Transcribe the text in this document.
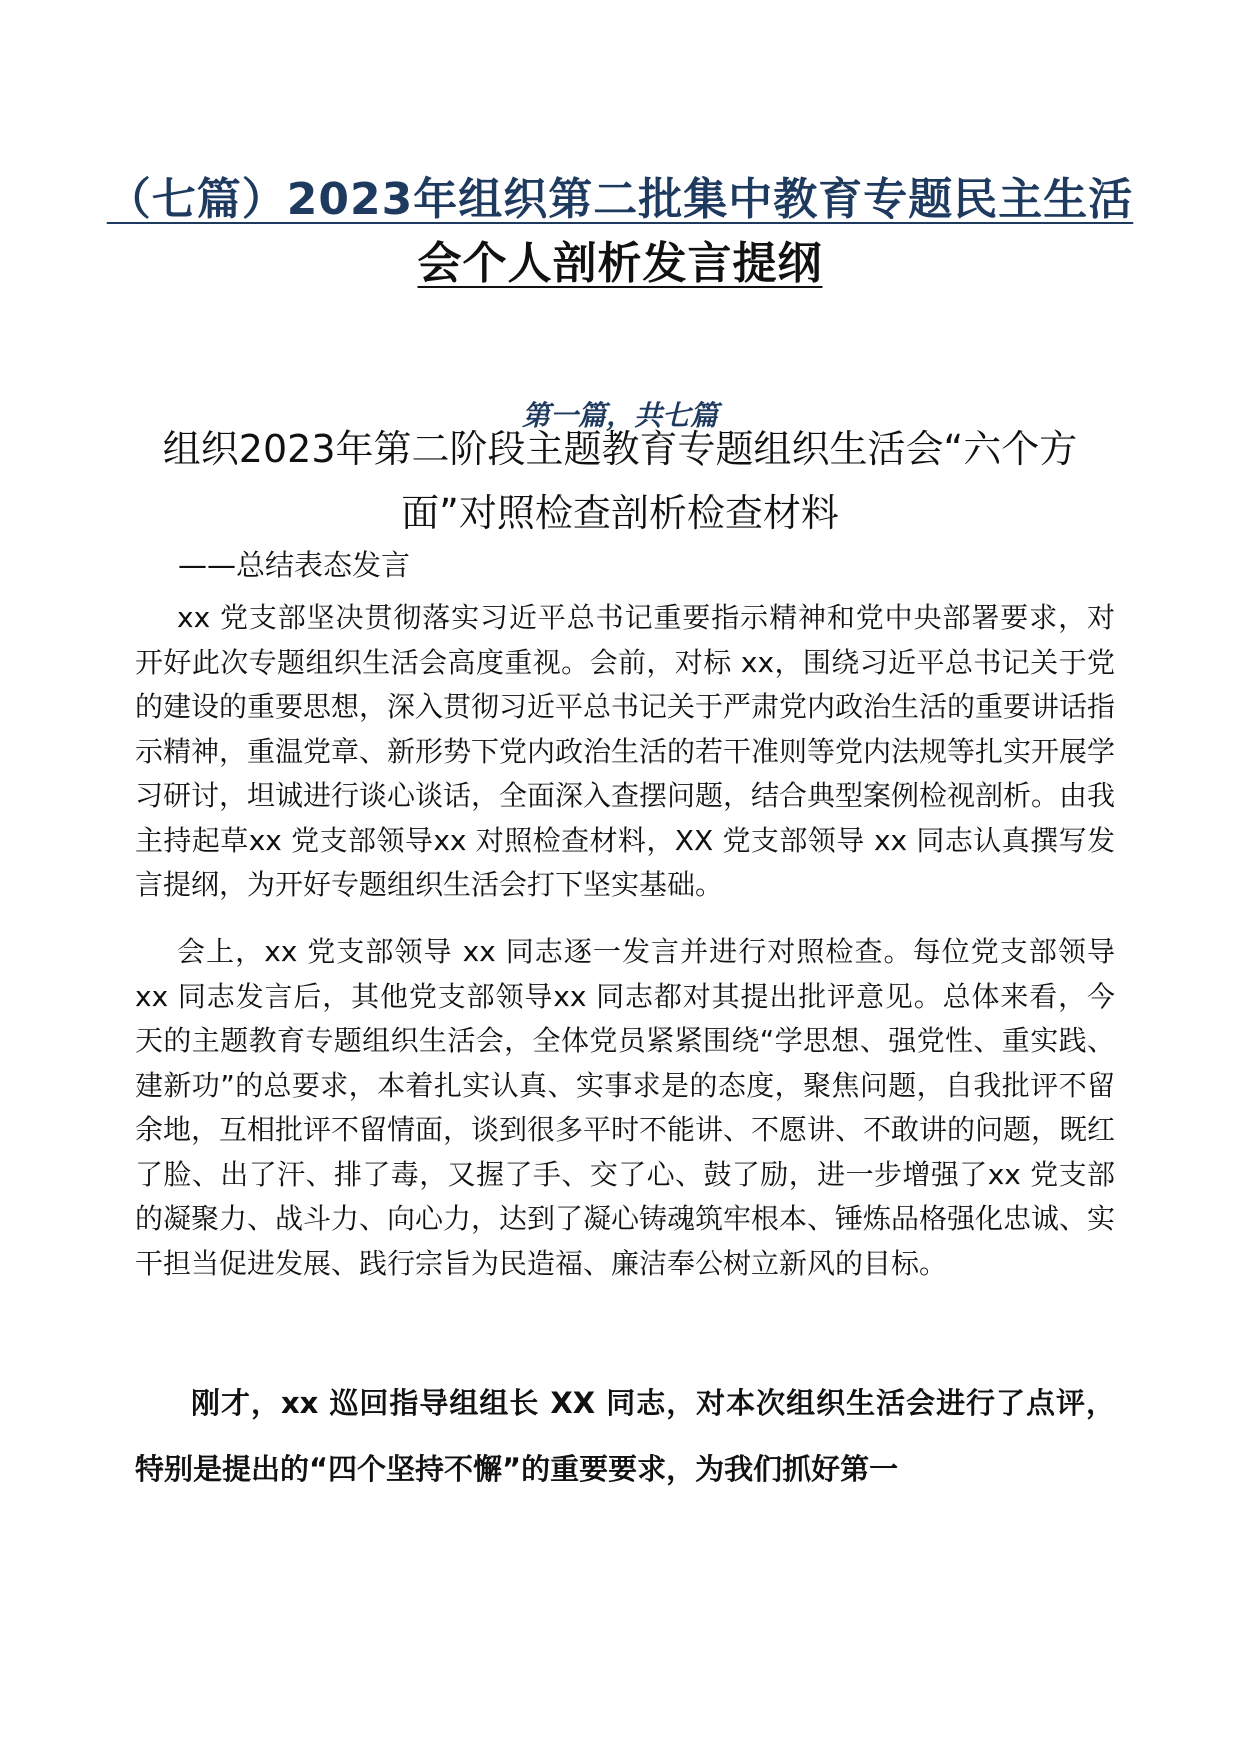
（七篇）2023年组织第二批集中教育专题民主生活
会个人剖析发言提纲
第一篇，共七篇
组织2023年第二阶段主题教育专题组织生活会“六个方
面”对照检查剖析检查材料
——总结表态发言

xx 党支部坚决贯彻落实习近平总书记重要指示精神和党中央部署要求，对开好此次专题组织生活会高度重视。会前，对标 xx，围绕习近平总书记关于党的建设的重要思想，深入贯彻习近平总书记关于严肃党内政治生活的重要讲话指示精神，重温党章、新形势下党内政治生活的若干准则等党内法规等扎实开展学习研讨，坦诚进行谈心谈话，全面深入查摆问题，结合典型案例检视剖析。由我主持起草xx 党支部领导xx 对照检查材料，XX 党支部领导 xx 同志认真撰写发言提纲，为开好专题组织生活会打下坚实基础。

会上，xx 党支部领导 xx 同志逐一发言并进行对照检查。每位党支部领导 xx 同志发言后，其他党支部领导xx 同志都对其提出批评意见。总体来看，今天的主题教育专题组织生活会，全体党员紧紧围绕“学思想、强党性、重实践、建新功”的总要求，本着扎实认真、实事求是的态度，聚焦问题，自我批评不留余地，互相批评不留情面，谈到很多平时不能讲、不愿讲、不敢讲的问题，既红了脸、出了汗、排了毒，又握了手、交了心、鼓了励，进一步增强了xx 党支部的凝聚力、战斗力、向心力，达到了凝心铸魂筑牢根本、锤炼品格强化忠诚、实干担当促进发展、践行宗旨为民造福、廉洁奉公树立新风的目标。

刚才，xx 巡回指导组组长 XX 同志，对本次组织生活会进行了点评，特别是提出的“四个坚持不懈”的重要要求，为我们抓好第一
